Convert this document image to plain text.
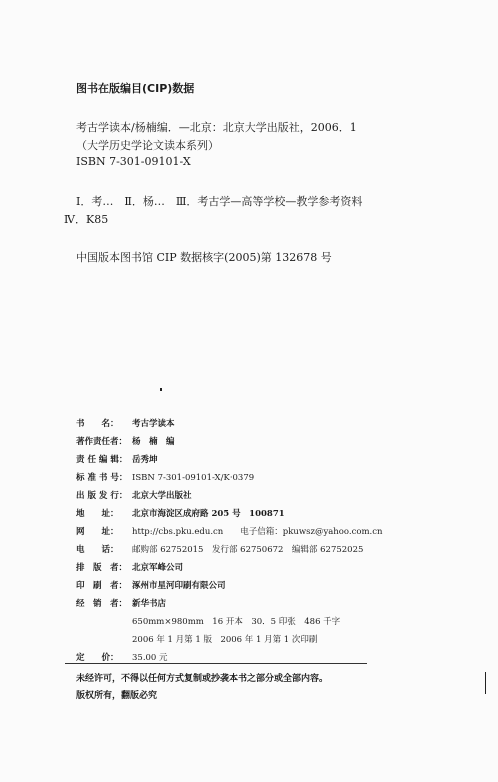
图书在版编目(CIP)数据
考古学读本/杨楠编．—北京：北京大学出版社，2006．1
（大学历史学论文读本系列）
ISBN 7-301-09101-X
Ⅰ．考…　Ⅱ．杨…　Ⅲ．考古学—高等学校—教学参考资料
Ⅳ．K85
中国版本图书馆 CIP 数据核字(2005)第 132678 号
书　　名： 考古学读本
著作责任者： 杨　楠　编
责 任 编 辑： 岳秀坤
标 准 书 号： ISBN 7-301-09101-X/K·0379
出 版 发 行： 北京大学出版社
地　　址： 北京市海淀区成府路 205 号　100871
网　　址： http://cbs.pku.edu.cn　　电子信箱：pkuwsz@yahoo.com.cn
电　　话： 邮购部 62752015　发行部 62750672　编辑部 62752025
排　版　者： 北京军峰公司
印　刷　者： 涿州市星河印刷有限公司
经　销　者： 新华书店
650mm×980mm　16 开本　30．5 印张　486 千字
2006 年 1 月第 1 版　2006 年 1 月第 1 次印刷
定　　价： 35.00 元
未经许可，不得以任何方式复制或抄袭本书之部分或全部内容。
版权所有，翻版必究
